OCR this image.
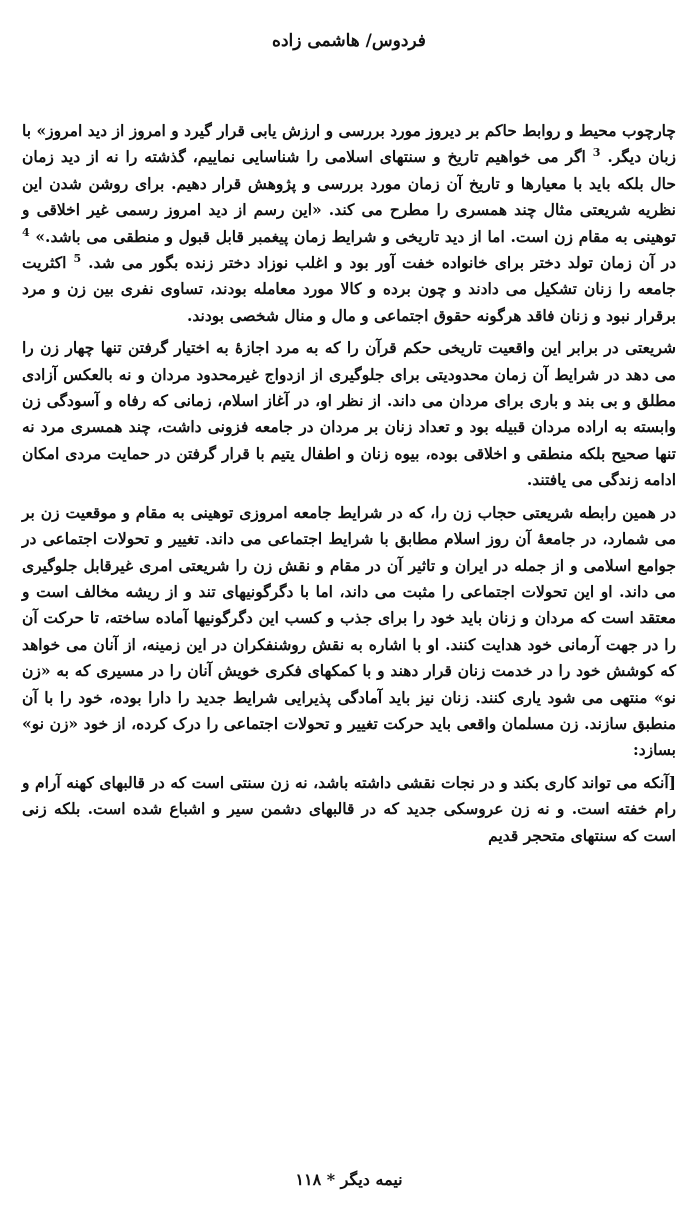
فردوس/ هاشمی زاده

چارچوب محیط و روابط حاکم بر دیروز مورد بررسی و ارزش یابی قرار گیرد و امروز از دید امروز» با زبان دیگر. $^3$ اگر می خواهیم تاریخ و سنتهای اسلامی را شناسایی نماییم، گذشته را نه از دید زمان حال بلکه باید با معیارها و تاریخ آن زمان مورد بررسی و پژوهش قرار دهیم. برای روشن شدن این نظریه شریعتی مثال چند همسری را مطرح می کند. «این رسم از دید امروز رسمی غیر اخلاقی و توهینی به مقام زن است. اما از دید تاریخی و شرایط زمان پیغمبر قابل قبول و منطقی می باشد.» $^4$ در آن زمان تولد دختر برای خانواده خفت آور بود و اغلب نوزاد دختر زنده بگور می شد. $^5$ اکثریت جامعه را زنان تشکیل می دادند و چون برده و کالا مورد معامله بودند، تساوی نفری بین زن و مرد برقرار نبود و زنان فاقد هرگونه حقوق اجتماعی و مال و منال شخصی بودند.

شریعتی در برابر این واقعیت تاریخی حکم قرآن را که به مرد اجازهٔ به اختیار گرفتن تنها چهار زن را می دهد در شرایط آن زمان محدودیتی برای جلوگیری از ازدواج غیرمحدود مردان و نه بالعکس آزادی مطلق و بی بند و باری برای مردان می داند. از نظر او، در آغاز اسلام، زمانی که رفاه و آسودگی زن وابسته به اراده مردان قبیله بود و تعداد زنان بر مردان در جامعه فزونی داشت، چند همسری مرد نه تنها صحیح بلکه منطقی و اخلاقی بوده، بیوه زنان و اطفال یتیم با قرار گرفتن در حمایت مردی امکان ادامه زندگی می یافتند.

در همین رابطه شریعتی حجاب زن را، که در شرایط جامعه امروزی توهینی به مقام و موقعیت زن بر می شمارد، در جامعهٔ آن روز اسلام مطابق با شرایط اجتماعی می داند. تغییر و تحولات اجتماعی در جوامع اسلامی و از جمله در ایران و تاثیر آن در مقام و نقش زن را شریعتی امری غیرقابل جلوگیری می داند. او این تحولات اجتماعی را مثبت می داند، اما با دگرگونیهای تند و از ریشه مخالف است و معتقد است که مردان و زنان باید خود را برای جذب و کسب این دگرگونیها آماده ساخته، تا حرکت آن را در جهت آرمانی خود هدایت کنند. او با اشاره به نقش روشنفکران در این زمینه، از آنان می خواهد که کوشش خود را در خدمت زنان قرار دهند و با کمکهای فکری خویش آنان را در مسیری که به «زن نو» منتهی می شود یاری کنند. زنان نیز باید آمادگی پذیرایی شرایط جدید را دارا بوده، خود را با آن منطبق سازند. زن مسلمان واقعی باید حرکت تغییر و تحولات اجتماعی را درک کرده، از خود «زن نو» بسازد:

[آنکه می تواند کاری بکند و در نجات نقشی داشته باشد، نه زن سنتی است که در قالبهای کهنه آرام و رام خفته است. و نه زن عروسکی جدید که در قالبهای دشمن سیر و اشباع شده است. بلکه زنی است که سنتهای متحجر قدیم

نیمه دیگر * ۱۱۸
